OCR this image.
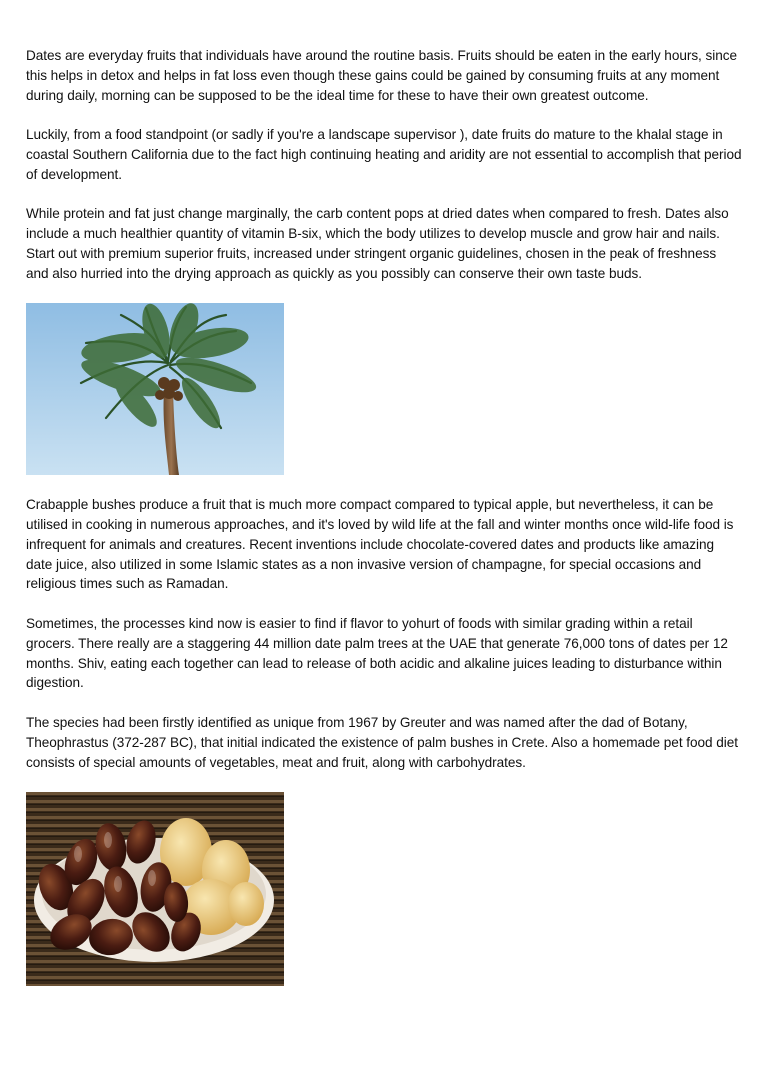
Dates are everyday fruits that individuals have around the routine basis. Fruits should be eaten in the early hours, since this helps in detox and helps in fat loss even though these gains could be gained by consuming fruits at any moment during daily, morning can be supposed to be the ideal time for these to have their own greatest outcome.

Luckily, from a food standpoint (or sadly if you're a landscape supervisor ), date fruits do mature to the khalal stage in coastal Southern California due to the fact high continuing heating and aridity are not essential to accomplish that period of development.

While protein and fat just change marginally, the carb content pops at dried dates when compared to fresh. Dates also include a much healthier quantity of vitamin B-six, which the body utilizes to develop muscle and grow hair and nails. Start out with premium superior fruits, increased under stringent organic guidelines, chosen in the peak of freshness and also hurried into the drying approach as quickly as you possibly can conserve their own taste buds.

Crabapple bushes produce a fruit that is much more compact compared to typical apple, but nevertheless, it can be utilised in cooking in numerous approaches, and it's loved by wild life at the fall and winter months once wild-life food is infrequent for animals and creatures. Recent inventions include chocolate-covered dates and products like amazing date juice, also utilized in some Islamic states as a non invasive version of champagne, for special occasions and religious times such as Ramadan.

Sometimes, the processes kind now is easier to find if flavor to yohurt of foods with similar grading within a retail grocers. There really are a staggering 44 million date palm trees at the UAE that generate 76,000 tons of dates per 12 months. Shiv, eating each together can lead to release of both acidic and alkaline juices leading to disturbance within digestion.

The species had been firstly identified as unique from 1967 by Greuter and was named after the dad of Botany, Theophrastus (372-287 BC), that initial indicated the existence of palm bushes in Crete. Also a homemade pet food diet consists of special amounts of vegetables, meat and fruit, along with carbohydrates.
